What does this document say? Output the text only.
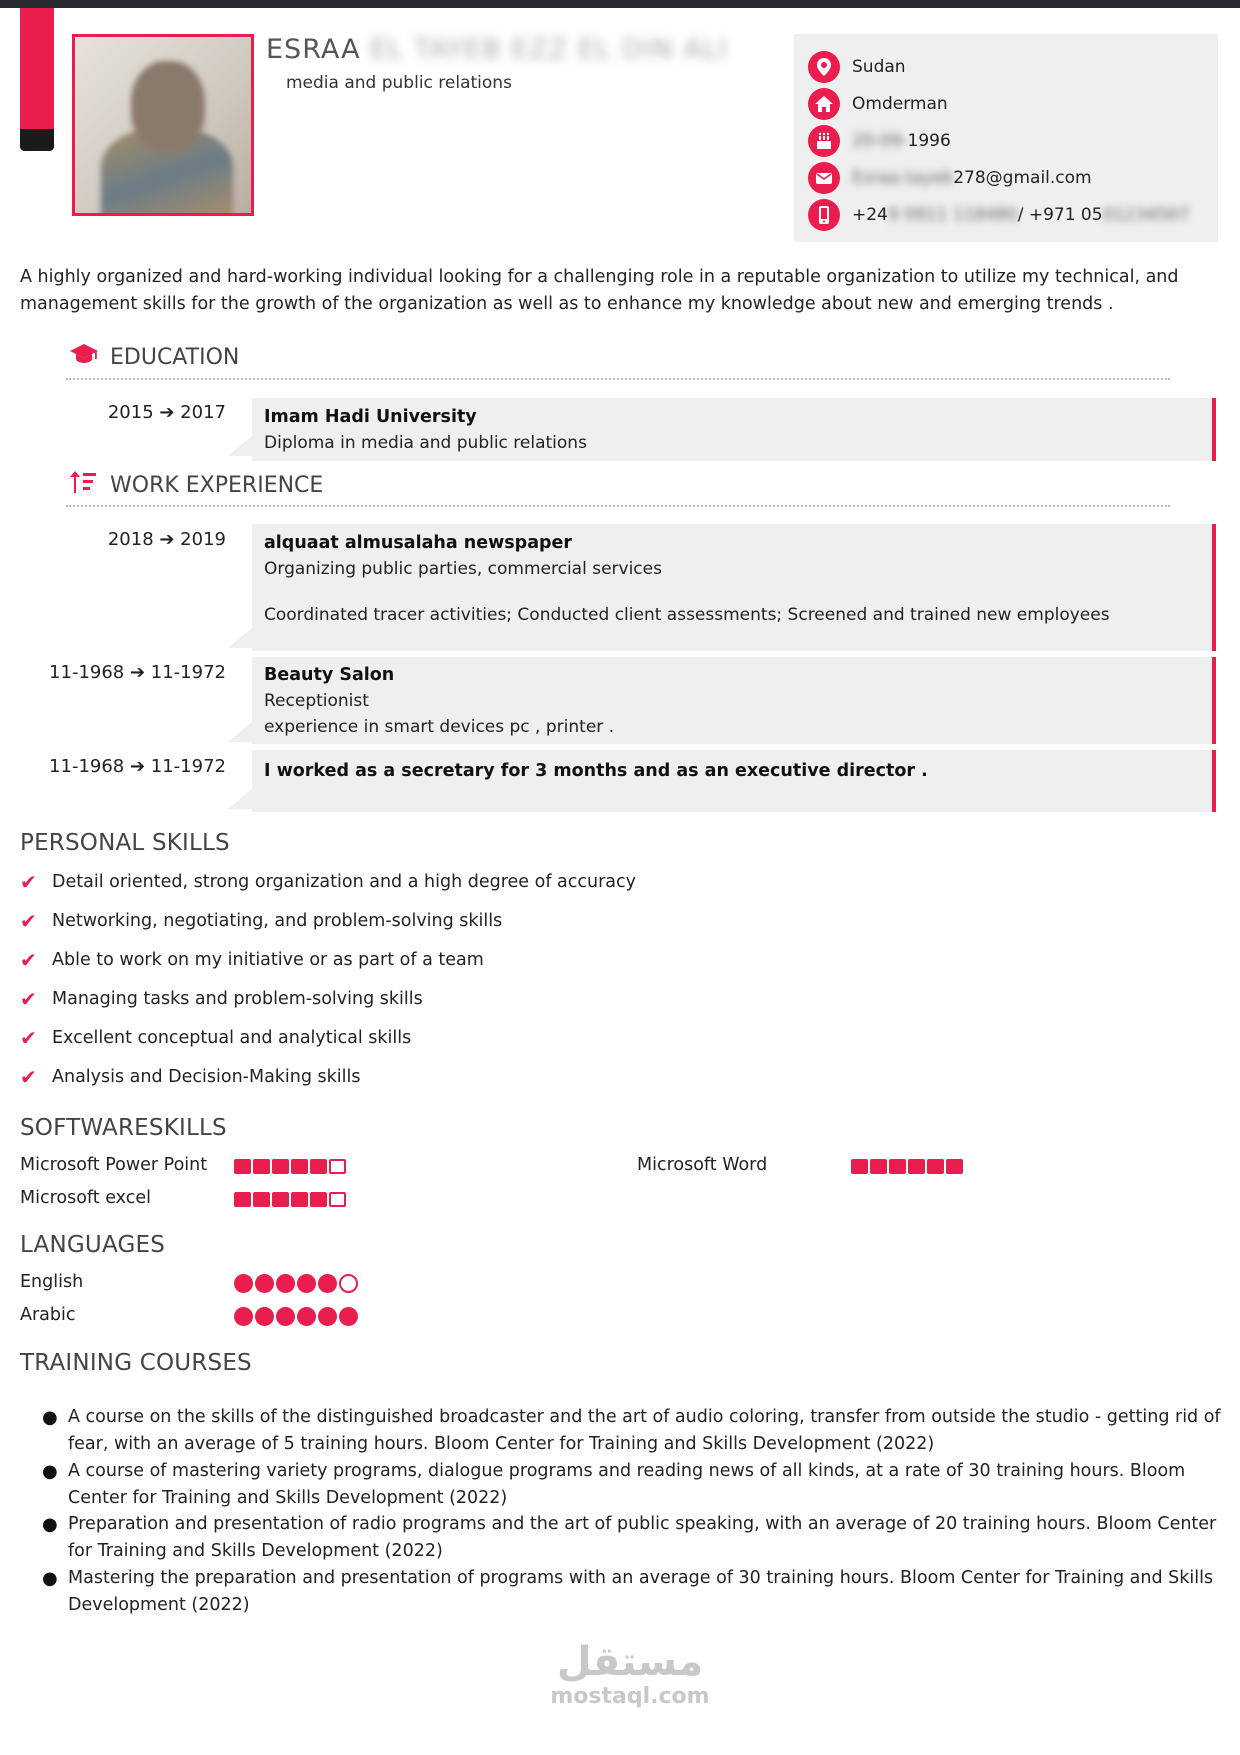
ESRAA EL TAYEB EZZ EL DIN ALI
media and public relations
Sudan
Omderman
20-09- 1996
Esraa.tayeb 278@gmail.com
+24 9 0911 118480 / +971 05 01234567
A highly organized and hard-working individual looking for a challenging role in a reputable organization to utilize my technical, and management skills for the growth of the organization as well as to enhance my knowledge about new and emerging trends .
EDUCATION
2015 ➔ 2017 Imam Hadi University
Diploma in media and public relations
WORK EXPERIENCE
2018 ➔ 2019 alquaat almusalaha newspaper
Organizing public parties, commercial services
Coordinated tracer activities; Conducted client assessments; Screened and trained new employees
11-1968 ➔ 11-1972 Beauty Salon
Receptionist
experience in smart devices pc , printer .
11-1968 ➔ 11-1972 I worked as a secretary for 3 months and as an executive director .
PERSONAL SKILLS
✔ Detail oriented, strong organization and a high degree of accuracy
✔ Networking, negotiating, and problem-solving skills
✔ Able to work on my initiative or as part of a team
✔ Managing tasks and problem-solving skills
✔ Excellent conceptual and analytical skills
✔ Analysis and Decision-Making skills
SOFTWARESKILLS
Microsoft Power Point	Microsoft Word
Microsoft excel
LANGUAGES
English
Arabic
TRAINING COURSES
● A course on the skills of the distinguished broadcaster and the art of audio coloring, transfer from outside the studio - getting rid of fear, with an average of 5 training hours. Bloom Center for Training and Skills Development (2022)
● A course of mastering variety programs, dialogue programs and reading news of all kinds, at a rate of 30 training hours. Bloom Center for Training and Skills Development (2022)
● Preparation and presentation of radio programs and the art of public speaking, with an average of 20 training hours. Bloom Center for Training and Skills Development (2022)
● Mastering the preparation and presentation of programs with an average of 30 training hours. Bloom Center for Training and Skills Development (2022)
مستقل
mostaql.com
